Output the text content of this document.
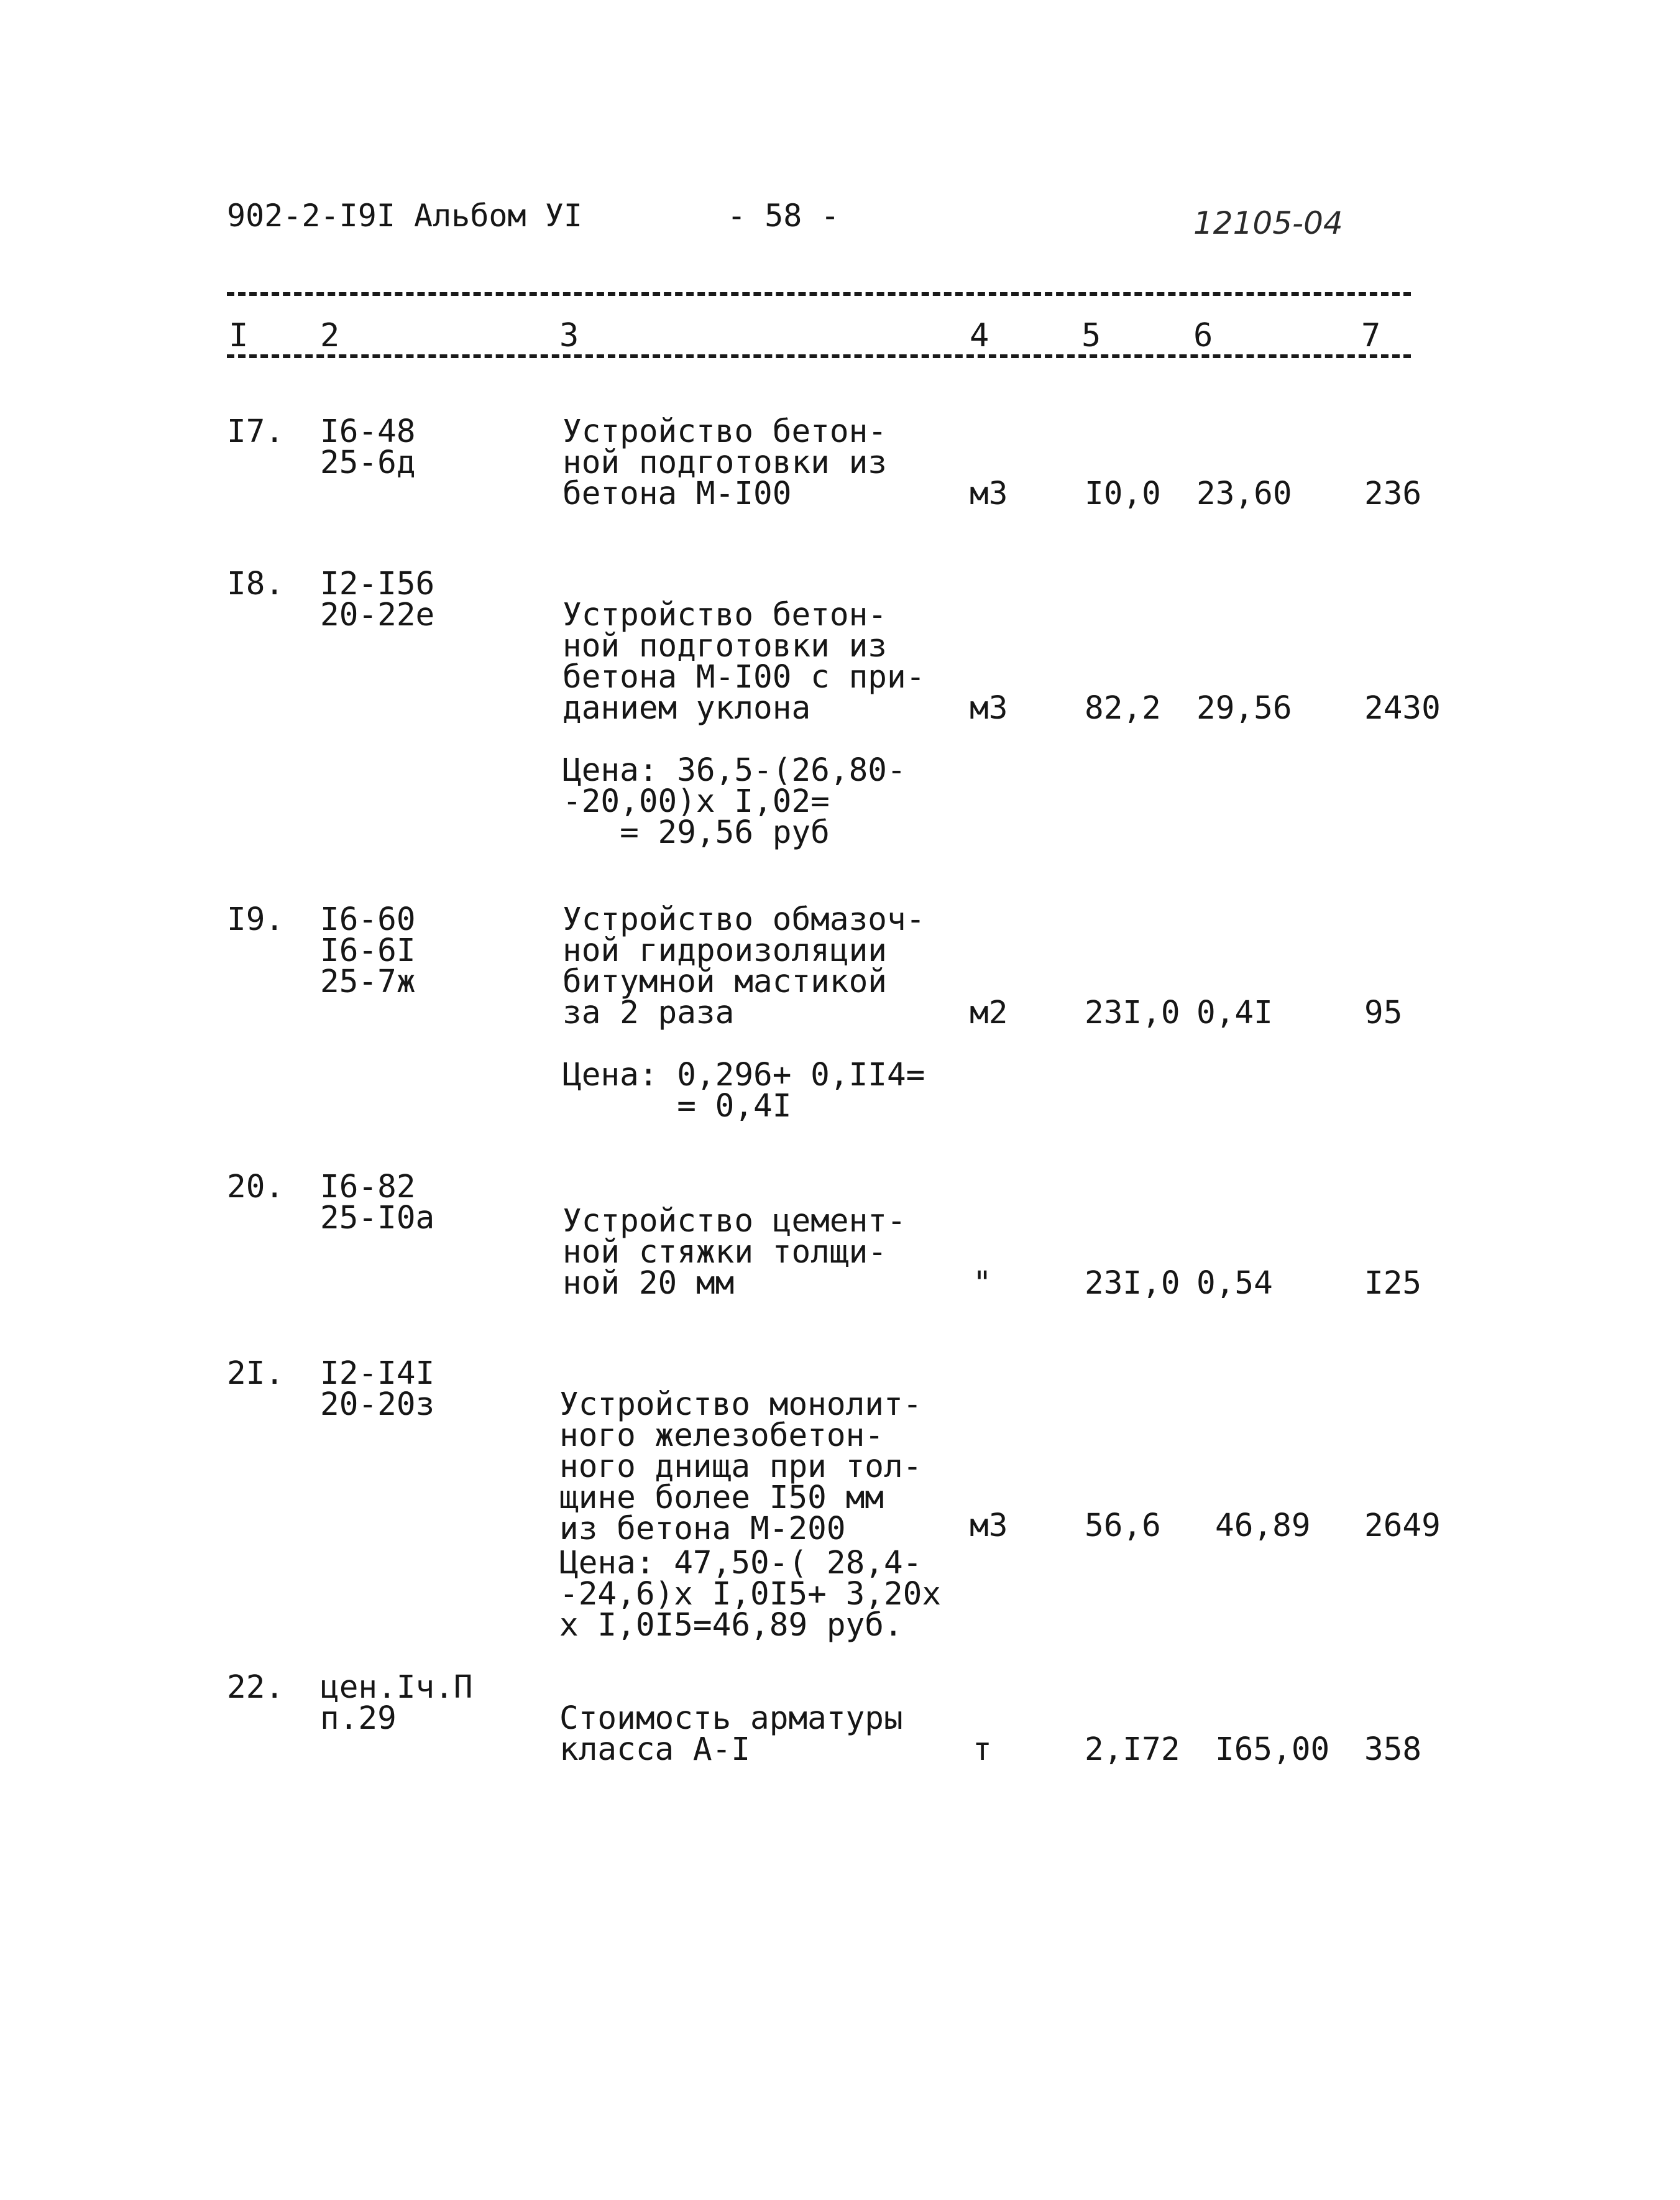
902-2-I9I Альбом УI	- 58 -	12105-04
I 2	3	4	5	6	7
I7. I6-48
25-6д
Устройство бетон-
ной подготовки из
бетона М-I00	м3 I0,0 23,60 236
I8. I2-I56
20-22е	Устройство бетон-
ной подготовки из
бетона М-I00 с при-
данием уклона
Цена: 36,5-(26,80-
-20,00)х I,02=
= 29,56 руб
м3 82,2 29,56 2430
I9. I6-60
I6-6I
25-7ж
Устройство обмазоч-
ной гидроизоляции
битумной мастикой
за 2 раза
Цена: 0,296+ 0,II4=
= 0,4I
м2 23I,0 0,4I	95
20. I6-82
25-I0а	Устройство цемент-
ной стяжки толщи-
ной 20 мм	"	23I,0 0,54	I25
2I. I2-I4I
20-20з	Устройство монолит-
ного железобетон-
ного днища при тол-
щине более I50 мм
из бетона М-200
Цена: 47,50-( 28,4-
-24,6)х I,0I5+ 3,20х
х I,0I5=46,89 руб.
м3 56,6 46,89 2649
22. цен.Iч.П
п.29	Стоимость арматуры
класса А-I	т	2,I72 I65,00 358
